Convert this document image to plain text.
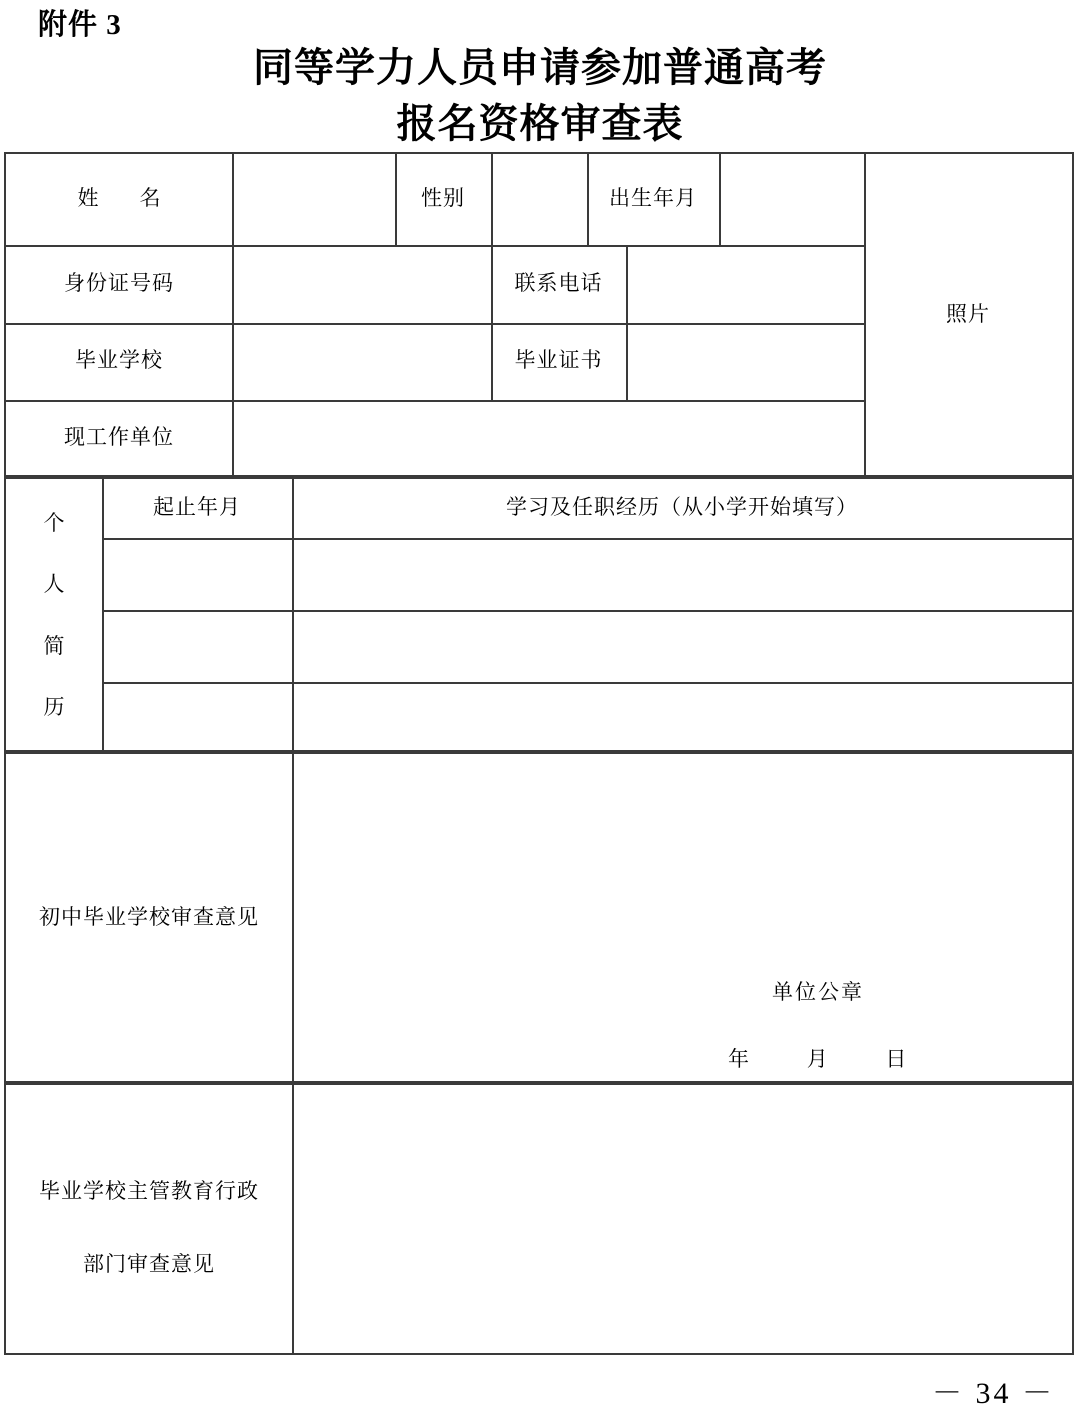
附件 3
同等学力人员申请参加普通高考
报名资格审查表
姓　名	性别	出生年月
身份证号码	联系电话
毕业学校	毕业证书
现工作单位
照片
个
人
简
历
起止年月	学习及任职经历（从小学开始填写）
初中毕业学校审查意见
单位公章
年	月	日
毕业学校主管教育行政
部门审查意见
－ 34 －
